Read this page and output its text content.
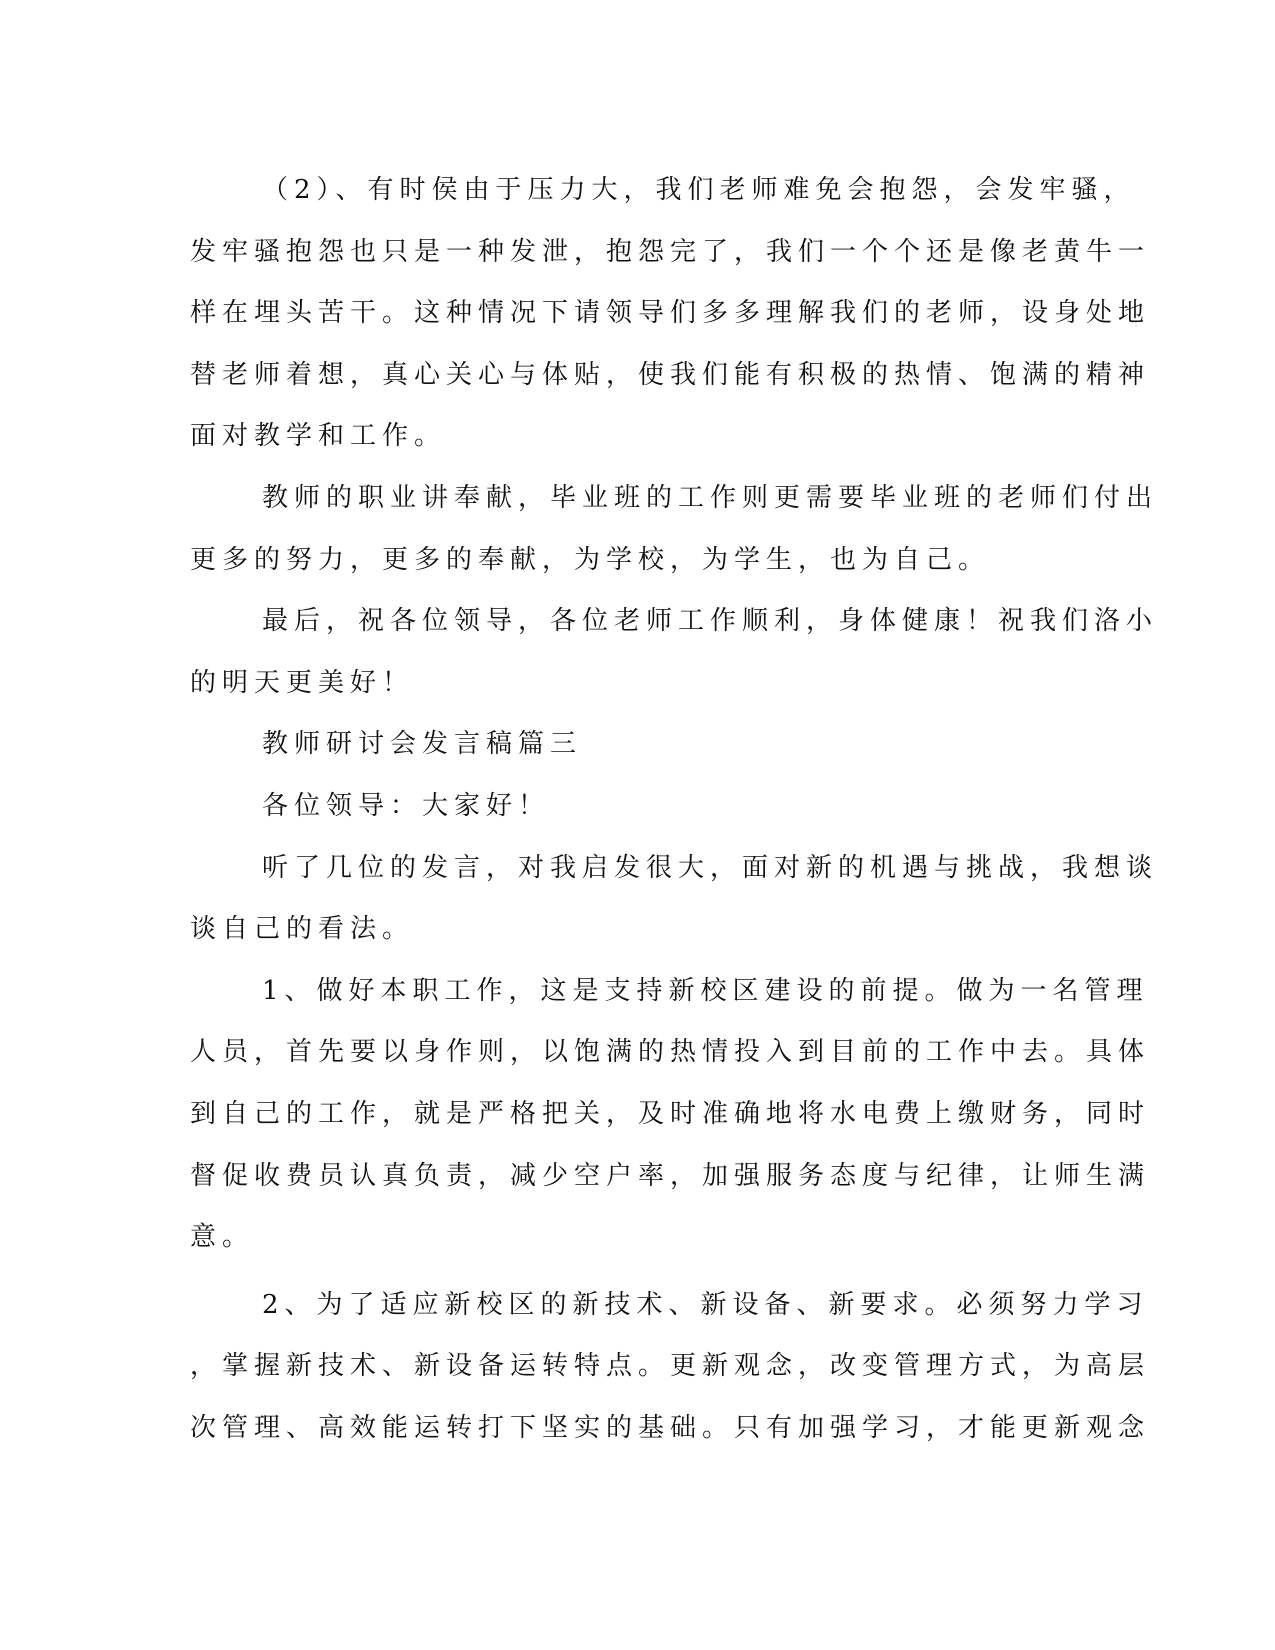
（2）、有时侯由于压力大，我们老师难免会抱怨，会发牢骚，
发牢骚抱怨也只是一种发泄，抱怨完了，我们一个个还是像老黄牛一
样在埋头苦干。这种情况下请领导们多多理解我们的老师，设身处地
替老师着想，真心关心与体贴，使我们能有积极的热情、饱满的精神
面对教学和工作。
教师的职业讲奉献，毕业班的工作则更需要毕业班的老师们付出
更多的努力，更多的奉献，为学校，为学生，也为自己。
最后，祝各位领导，各位老师工作顺利，身体健康！祝我们洛小
的明天更美好！
教师研讨会发言稿篇三
各位领导：大家好！
听了几位的发言，对我启发很大，面对新的机遇与挑战，我想谈
谈自己的看法。
1、做好本职工作，这是支持新校区建设的前提。做为一名管理
人员，首先要以身作则，以饱满的热情投入到目前的工作中去。具体
到自己的工作，就是严格把关，及时准确地将水电费上缴财务，同时
督促收费员认真负责，减少空户率，加强服务态度与纪律，让师生满
意。
2、为了适应新校区的新技术、新设备、新要求。必须努力学习
，掌握新技术、新设备运转特点。更新观念，改变管理方式，为高层
次管理、高效能运转打下坚实的基础。只有加强学习，才能更新观念
